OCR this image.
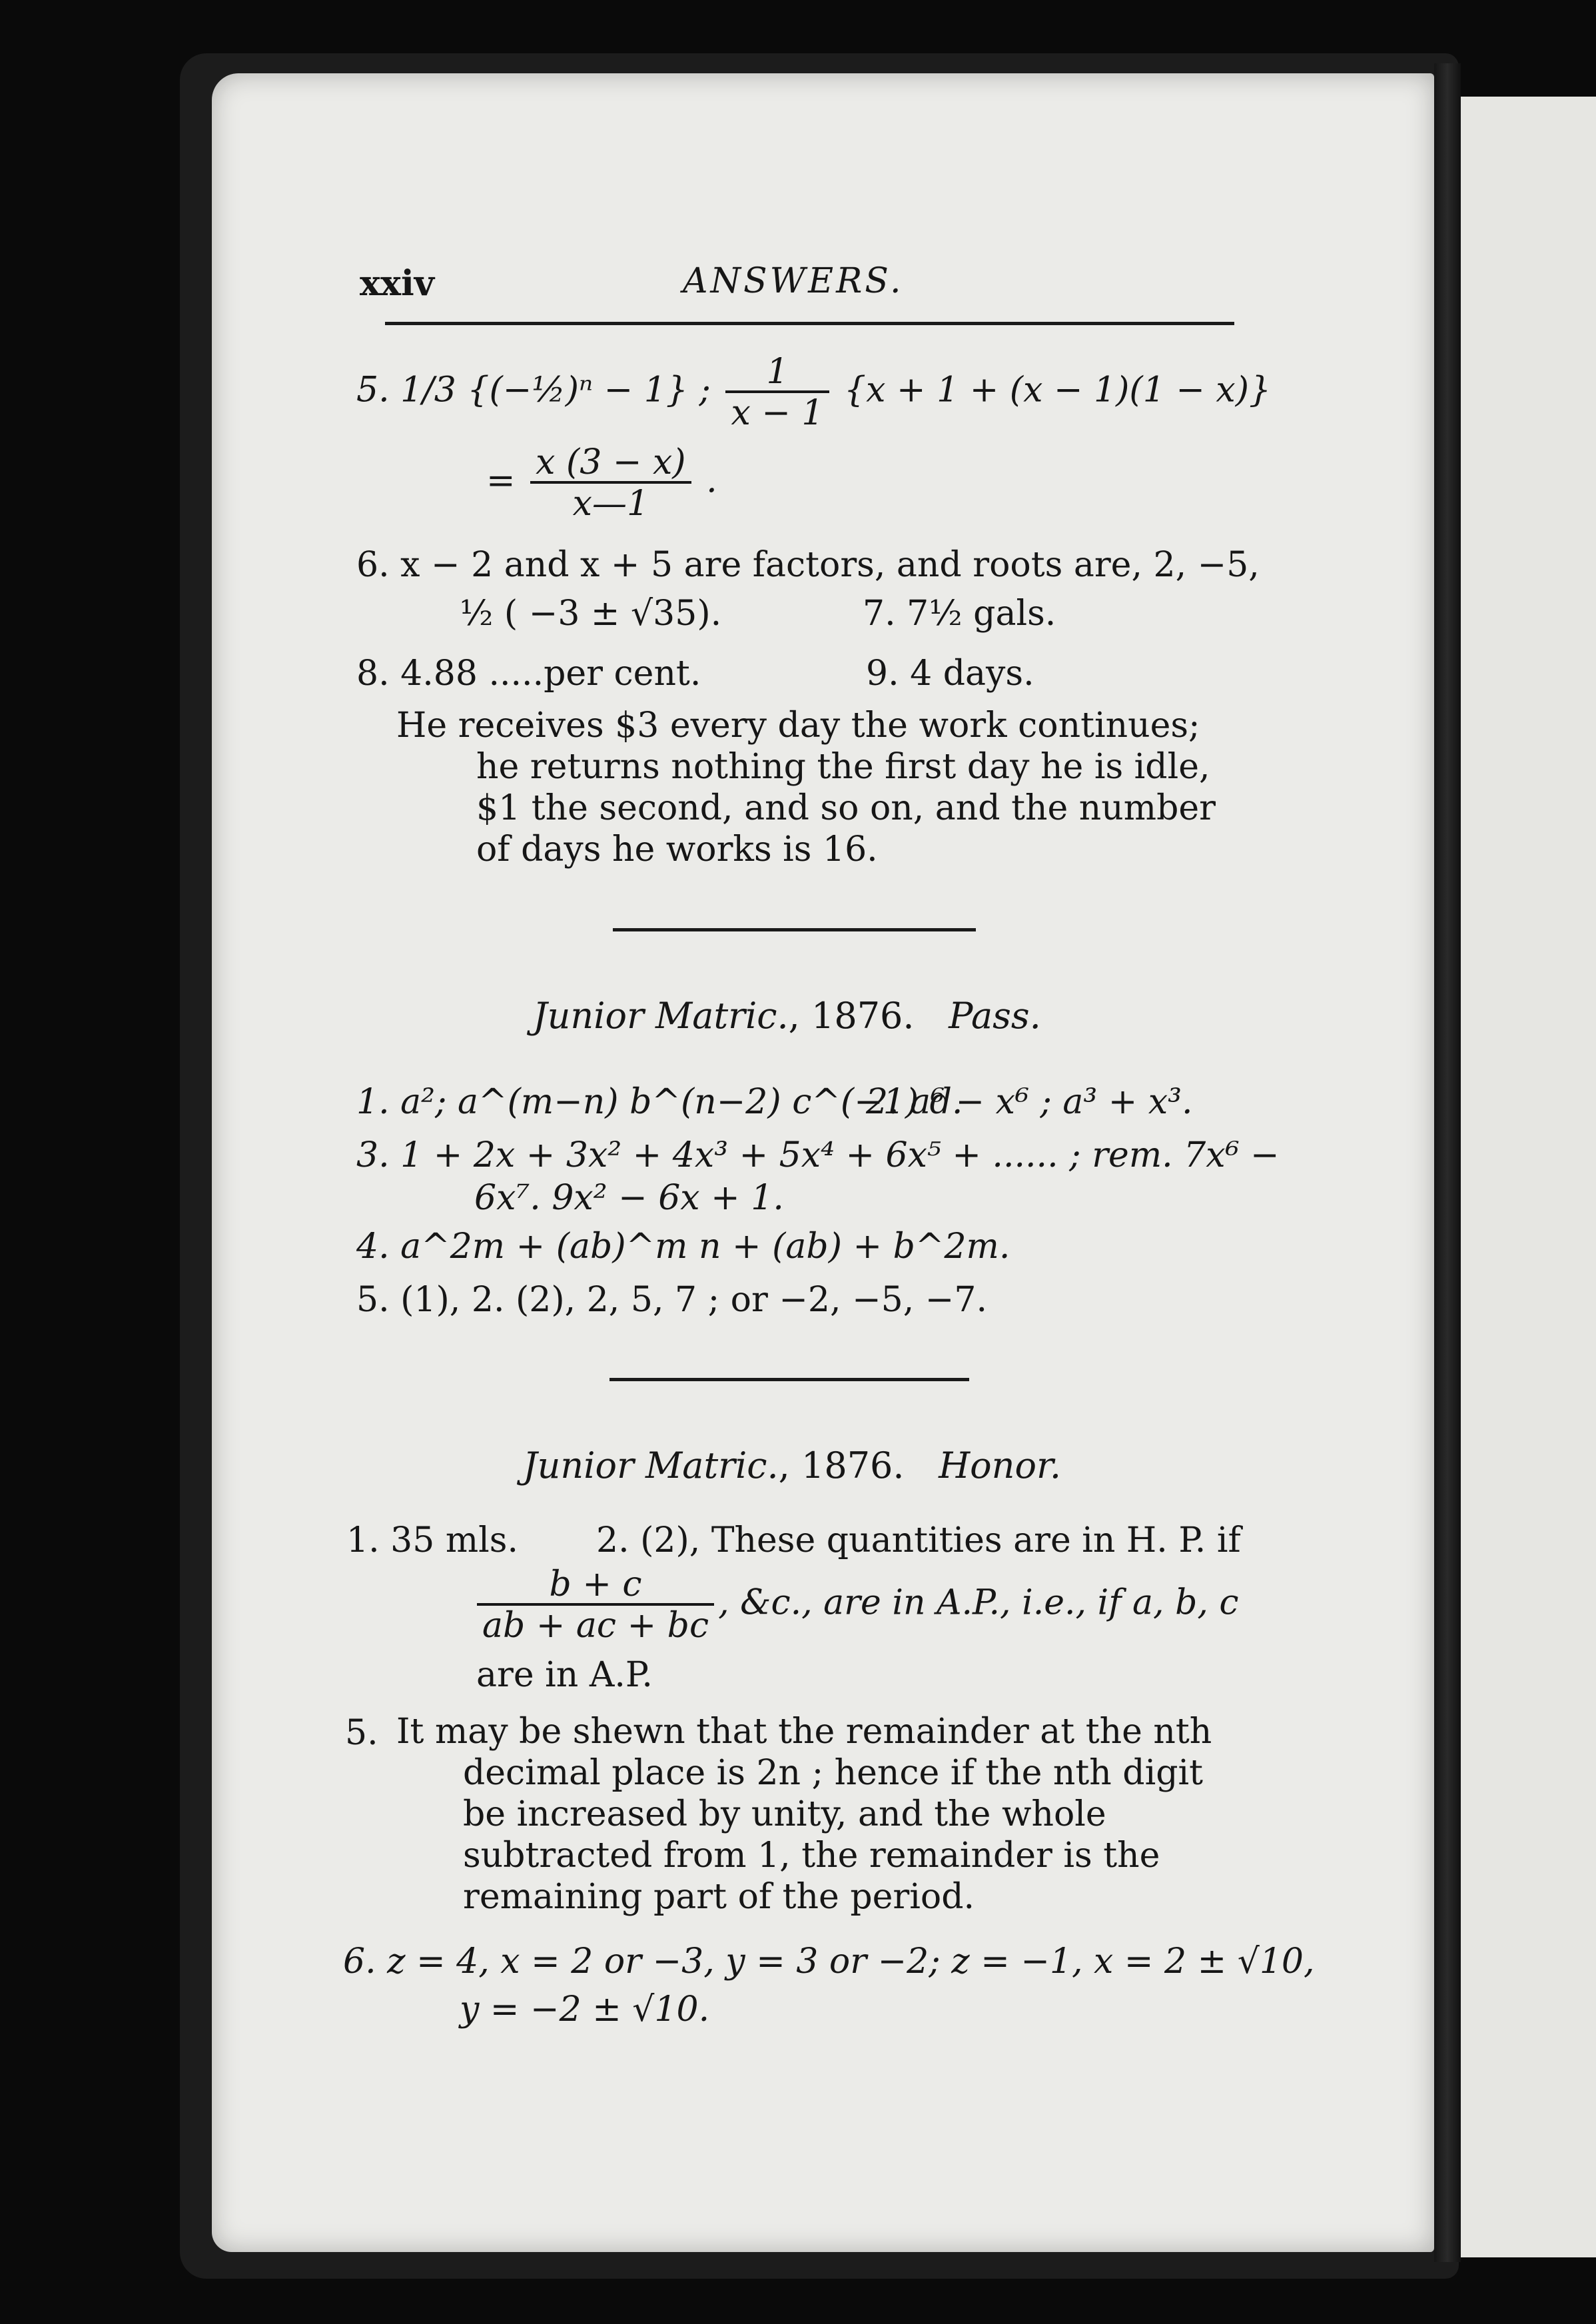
xxiv	ANSWERS.
5. 1/3 {(−½)ⁿ − 1} ; $\frac{1}{x - 1} \{x + 1 + (x - 1)(1 - x)\}$
= $\frac{x (3 - x)}{x—1}$ .
6. x − 2 and x + 5 are factors, and roots are, 2, −5,
½ ( −3 ± √35).	7. 7½ gals.
8. 4.88 .....per cent.	9. 4 days.
He receives $3 every day the work continues; he returns nothing the first day he is idle, $1 the second, and so on, and the number of days he works is 16.
Junior Matric., 1876. Pass.
1. a²; a^(m−n) b^(n−2) c^(−1) d.
2. a⁶ − x⁶ ; a³ + x³.
3. 1 + 2x + 3x² + 4x³ + 5x⁴ + 6x⁵ + ...... ; rem. 7x⁶ −
6x⁷. 9x² − 6x + 1.
4. a^2m + (ab)^m n + (ab) + b^2m.
5. (1), 2. (2), 2, 5, 7 ; or −2, −5, −7.
Junior Matric., 1876. Honor.
1. 35 mls. 2. (2), These quantities are in H. P. if
$\frac{b + c}{ab + ac + bc}$ , &c., are in A.P., i.e., if a, b, c
are in A.P.
5. It may be shewn that the remainder at the nth decimal place is 2n ; hence if the nth digit be increased by unity, and the whole subtracted from 1, the remainder is the remaining part of the period.
6. z = 4, x = 2 or −3, y = 3 or −2; z = −1, x = 2 ± √10,
y = −2 ± √10.
